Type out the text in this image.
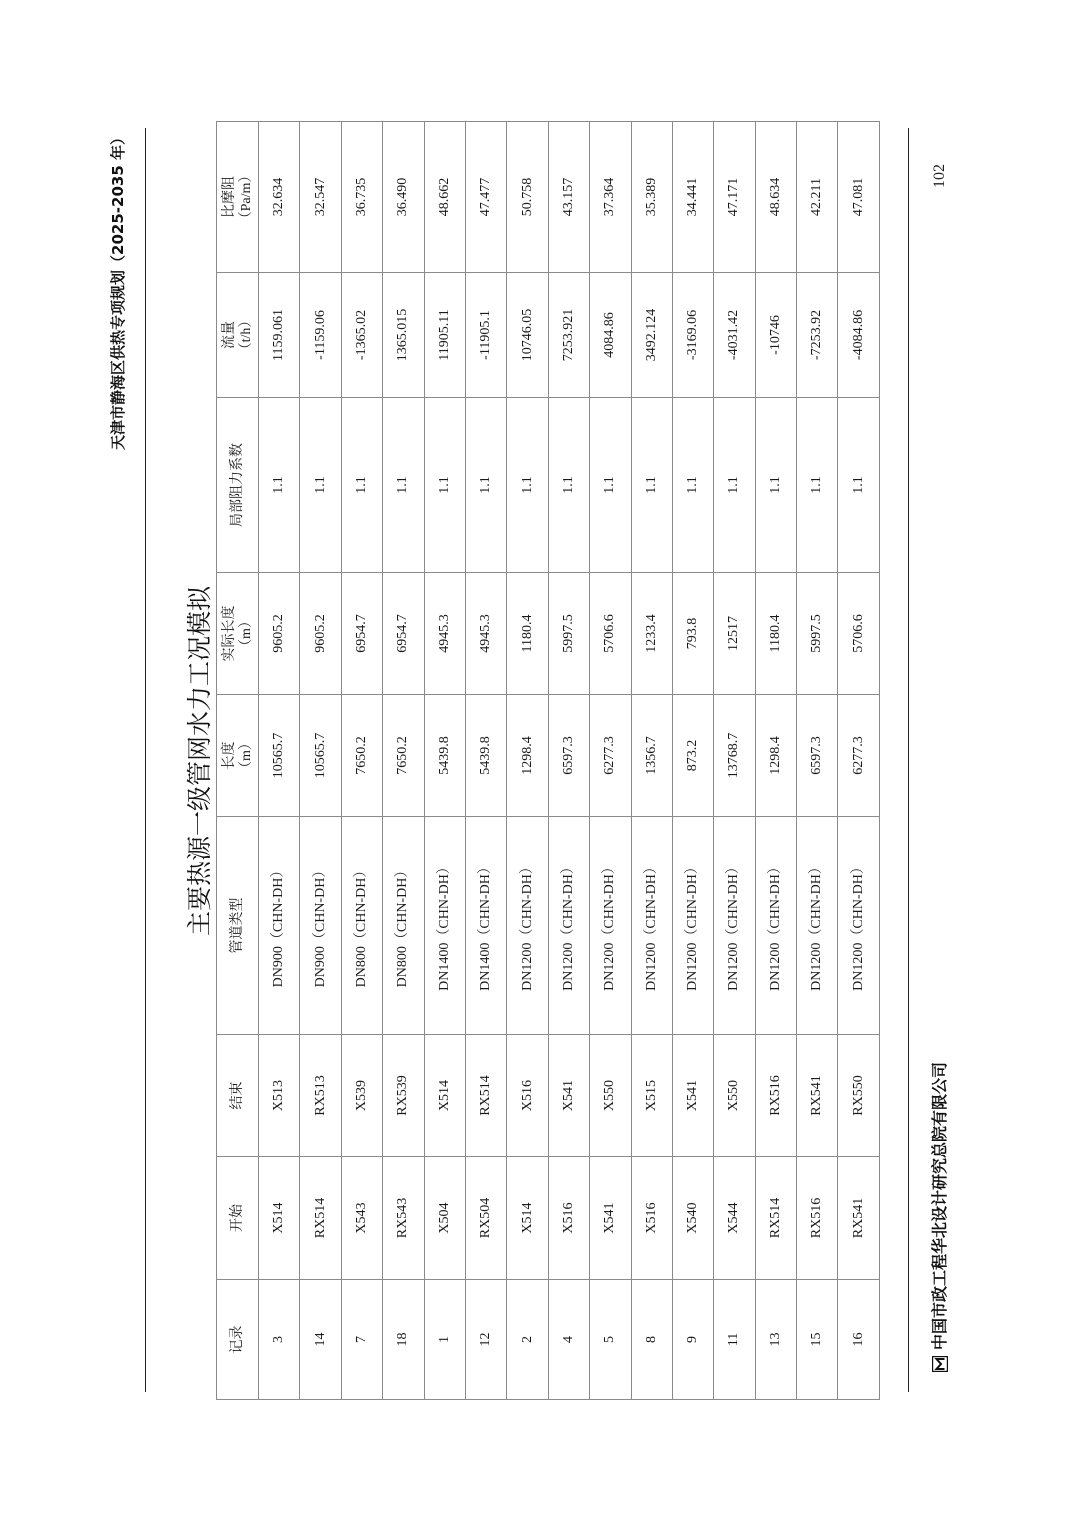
天津市静海区供热专项规划（2025-2035 年）
主要热源一级管网水力工况模拟
记录	开始	结束	管道类型	长度 （m）	实际长度 （m）	局部阻力系数	流量 （t/h）	比摩阻 （Pa/m）

3	X514	X513	DN900（CHN-DH）	10565.7	9605.2	1.1	1159.061	32.634
14	RX514	RX513	DN900（CHN-DH）	10565.7	9605.2	1.1	-1159.06	32.547
7	X543	X539	DN800（CHN-DH）	7650.2	6954.7	1.1	-1365.02	36.735
18	RX543	RX539	DN800（CHN-DH）	7650.2	6954.7	1.1	1365.015	36.490
1	X504	X514	DN1400（CHN-DH）	5439.8	4945.3	1.1	11905.11	48.662
12	RX504	RX514	DN1400（CHN-DH）	5439.8	4945.3	1.1	-11905.1	47.477
2	X514	X516	DN1200（CHN-DH）	1298.4	1180.4	1.1	10746.05	50.758
4	X516	X541	DN1200（CHN-DH）	6597.3	5997.5	1.1	7253.921	43.157
5	X541	X550	DN1200（CHN-DH）	6277.3	5706.6	1.1	4084.86	37.364
8	X516	X515	DN1200（CHN-DH）	1356.7	1233.4	1.1	3492.124	35.389
9	X540	X541	DN1200（CHN-DH）	873.2	793.8	1.1	-3169.06	34.441
11	X544	X550	DN1200（CHN-DH）	13768.7	12517	1.1	-4031.42	47.171
13	RX514	RX516	DN1200（CHN-DH）	1298.4	1180.4	1.1	-10746	48.634
15	RX516	RX541	DN1200（CHN-DH）	6597.3	5997.5	1.1	-7253.92	42.211
16	RX541	RX550	DN1200（CHN-DH）	6277.3	5706.6	1.1	-4084.86	47.081
中国市政工程华北设计研究总院有限公司
102
